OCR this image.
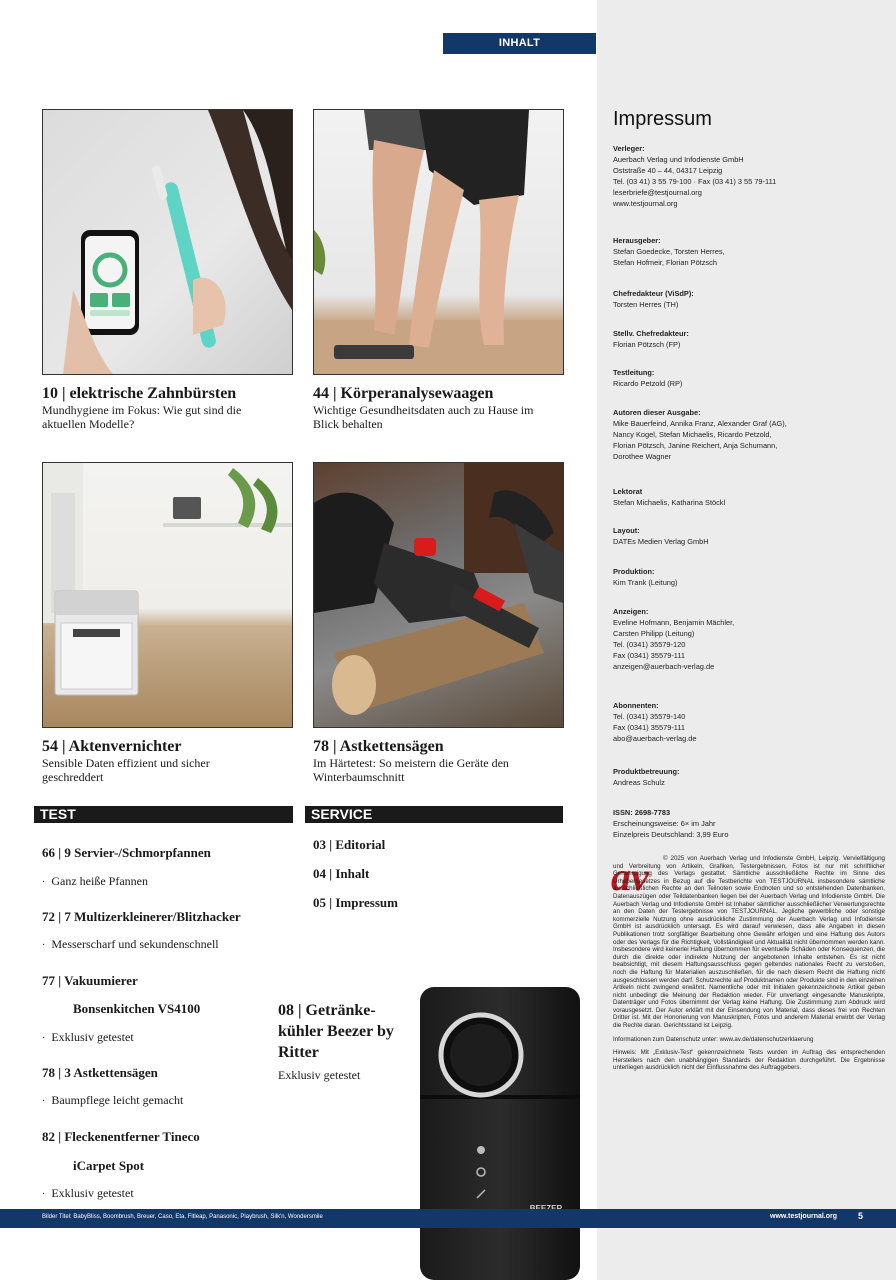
INHALT
10 | elektrische Zahnbürsten

Mundhygiene im Fokus: Wie gut sind die aktuellen Modelle?

44 | Körperanalysewaagen

Wichtige Gesundheitsdaten auch zu Hause im Blick behalten

54 | Aktenvernichter

Sensible Daten effizient und sicher geschreddert

78 | Astkettensägen

Im Härtetest: So meistern die Geräte den Winterbaumschnitt

TEST
66 | 9 Servier-/Schmorpfannen
· Ganz heiße Pfannen
72 | 7 Multizerkleinerer/Blitzhacker
· Messerscharf und sekundenschnell
77 | Vakuumierer
Bonsenkitchen VS4100
· Exklusiv getestet
78 | 3 Astkettensägen
· Baumpflege leicht gemacht
82 | Fleckenentferner Tineco
iCarpet Spot
· Exklusiv getestet
SERVICE
03 | Editorial
04 | Inhalt
05 | Impressum
08 | Getränkekühler Beezer by Ritter
Exklusiv getestet
Impressum
Verleger:
Auerbach Verlag und Infodienste GmbH
Oststraße 40 – 44, 04317 Leipzig
Tel. (03 41) 3 55 79-100 · Fax (03 41) 3 55 79-111
leserbriefe@testjournal.org
www.testjournal.org
Herausgeber:
Stefan Goedecke, Torsten Herres,
Stefan Hofmeir, Florian Pötzsch
Chefredakteur (ViSdP):
Torsten Herres (TH)
Stellv. Chefredakteur:
Florian Pötzsch (FP)
Testleitung:
Ricardo Petzold (RP)
Autoren dieser Ausgabe:
Mike Bauerfeind, Annika Franz, Alexander Graf (AG),
Nancy Kogel, Stefan Michaelis, Ricardo Petzold,
Florian Pötzsch, Janine Reichert, Anja Schumann,
Dorothee Wagner
Lektorat
Stefan Michaelis, Katharina Stöckl
Layout:
DATEs Medien Verlag GmbH
Produktion:
Kim Trank (Leitung)
Anzeigen:
Eveline Hofmann, Benjamin Mächler,
Carsten Philipp (Leitung)
Tel. (0341) 35579-120
Fax (0341) 35579-111
anzeigen@auerbach-verlag.de
Abonnenten:
Tel. (0341) 35579-140
Fax (0341) 35579-111
abo@auerbach-verlag.de
Produktbetreuung:
Andreas Schulz
ISSN: 2698-7783
Erscheinungsweise: 6× im Jahr
Einzelpreis Deutschland: 3,99 Euro
av	© 2025 von Auerbach Verlag und Infodienste GmbH, Leipzig. Vervielfältigung und Verbreitung von Artikeln, Grafiken, Testergebnissen, Fotos ist nur mit schriftlicher Genehmigung des Verlags gestattet. Sämtliche ausschließliche Rechte im Sinne des Urhebergesetzes in Bezug auf die Testberichte von TESTJOURNAL insbesondere sämtliche ausschließlichen Rechte an den Teilnoten sowie Endnoten und so entstehenden Datenbanken, Datenauszügen oder Teildatenbanken liegen bei der Auerbach Verlag und Infodienste GmbH. Die Auerbach Verlag und Infodienste GmbH ist Inhaber sämtlicher ausschließlicher Verwertungsrechte an den Daten der Testergebnisse von TESTJOURNAL. Jegliche gewerbliche oder sonstige kommerzielle Nutzung ohne ausdrückliche Zustimmung der Auerbach Verlag und Infodienste GmbH ist ausdrücklich untersagt. Es wird darauf verwiesen, dass alle Angaben in diesen Publikationen trotz sorgfältiger Bearbeitung ohne Gewähr erfolgen und eine Haftung des Autors oder des Verlags für die Richtigkeit, Vollständigkeit und Aktualität nicht übernommen werden kann. Insbesondere wird keinerlei Haftung übernommen für eventuelle Schäden oder Konsequenzen, die durch die direkte oder indirekte Nutzung der angebotenen Inhalte entstehen. Es ist nicht beabsichtigt, mit diesem Haftungsausschluss gegen geltendes nationales Recht zu verstoßen, noch die Haftung für Materialien auszuschließen, für die nach diesem Recht die Haftung nicht ausgeschlossen werden darf. Schutzrechte auf Produktnamen oder Produkte sind in den einzelnen Artikeln nicht zwingend erwähnt. Namentliche oder mit Initialen gekennzeichnete Artikel geben nicht unbedingt die Meinung der Redaktion wieder. Für unverlangt eingesandte Manuskripte, Datenträger und Fotos übernimmt der Verlag keine Haftung. Die Zustimmung zum Abdruck wird vorausgesetzt. Der Autor erklärt mit der Einsendung von Material, dass dieses frei von Rechten Dritter ist. Mit der Honorierung von Manuskripten, Fotos und anderem Material erwirbt der Verlag die Rechte daran. Gerichtsstand ist Leipzig.
Informationen zum Datenschutz unter: www.av.de/datenschutzerklaerung
Hinweis: Mit „Exklusiv-Test“ gekennzeichnete Tests wurden im Auftrag des entsprechenden Herstellers nach den unabhängigen Standards der Redaktion durchgeführt. Die Ergebnisse unterliegen ausdrücklich nicht der Einflussnahme des Auftraggebers.
Bilder Titel: BabyBliss, Boombrush, Breuer, Caso, Eta, Fitleap, Panasonic, Playbrush, Silk'n, Wondersmile	www.testjournal.org 5
